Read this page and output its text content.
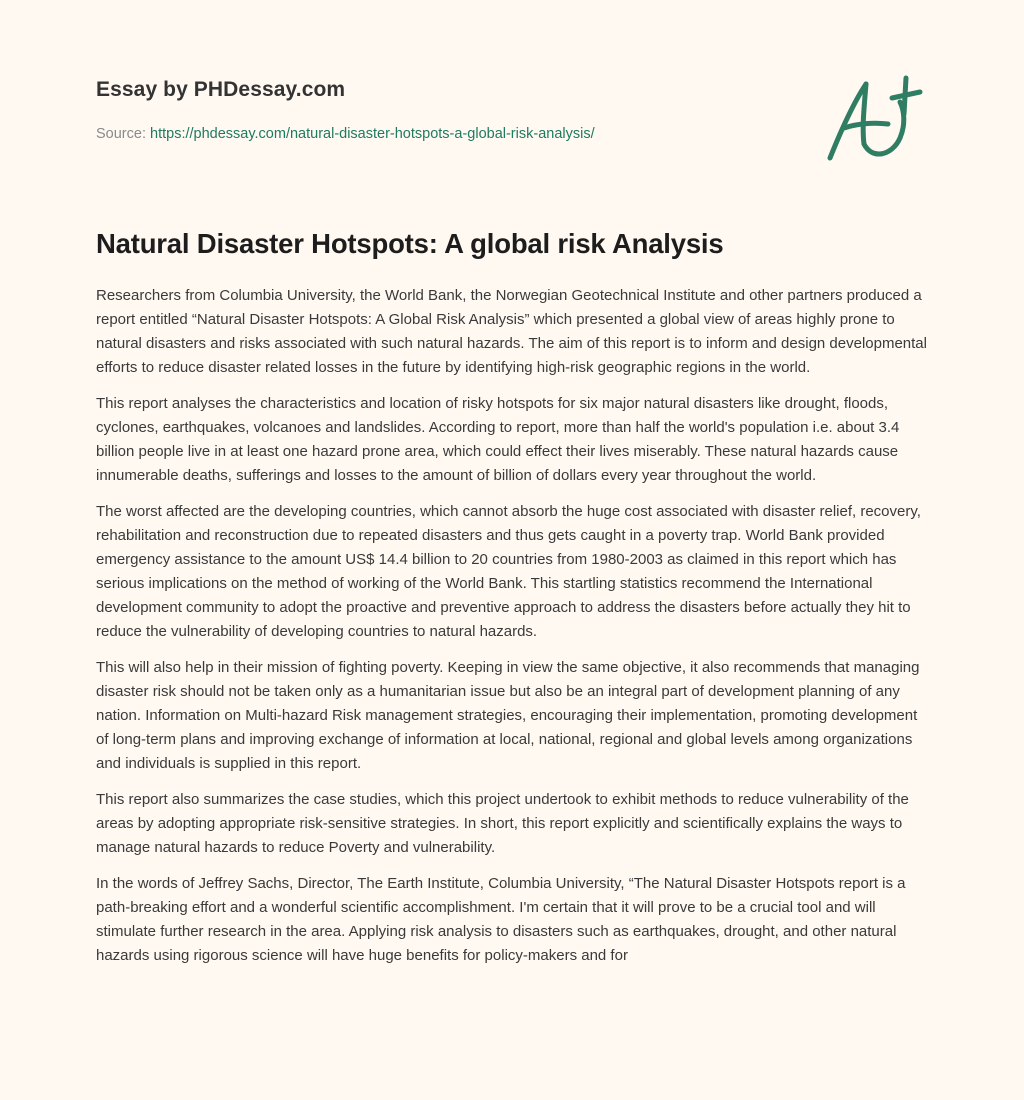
Essay by PHDessay.com
Source: https://phdessay.com/natural-disaster-hotspots-a-global-risk-analysis/
Natural Disaster Hotspots: A global risk Analysis

Researchers from Columbia University, the World Bank, the Norwegian Geotechnical Institute and other partners produced a report entitled “Natural Disaster Hotspots: A Global Risk Analysis” which presented a global view of areas highly prone to natural disasters and risks associated with such natural hazards. The aim of this report is to inform and design developmental efforts to reduce disaster related losses in the future by identifying high-risk geographic regions in the world.

This report analyses the characteristics and location of risky hotspots for six major natural disasters like drought, floods, cyclones, earthquakes, volcanoes and landslides. According to report, more than half the world's population i.e. about 3.4 billion people live in at least one hazard prone area, which could effect their lives miserably. These natural hazards cause innumerable deaths, sufferings and losses to the amount of billion of dollars every year throughout the world.

The worst affected are the developing countries, which cannot absorb the huge cost associated with disaster relief, recovery, rehabilitation and reconstruction due to repeated disasters and thus gets caught in a poverty trap. World Bank provided emergency assistance to the amount US$ 14.4 billion to 20 countries from 1980-2003 as claimed in this report which has serious implications on the method of working of the World Bank. This startling statistics recommend the International development community to adopt the proactive and preventive approach to address the disasters before actually they hit to reduce the vulnerability of developing countries to natural hazards.

This will also help in their mission of fighting poverty. Keeping in view the same objective, it also recommends that managing disaster risk should not be taken only as a humanitarian issue but also be an integral part of development planning of any nation. Information on Multi-hazard Risk management strategies, encouraging their implementation, promoting development of long-term plans and improving exchange of information at local, national, regional and global levels among organizations and individuals is supplied in this report.

This report also summarizes the case studies, which this project undertook to exhibit methods to reduce vulnerability of the areas by adopting appropriate risk-sensitive strategies. In short, this report explicitly and scientifically explains the ways to manage natural hazards to reduce Poverty and vulnerability.

In the words of Jeffrey Sachs, Director, The Earth Institute, Columbia University, “The Natural Disaster Hotspots report is a path-breaking effort and a wonderful scientific accomplishment. I'm certain that it will prove to be a crucial tool and will stimulate further research in the area. Applying risk analysis to disasters such as earthquakes, drought, and other natural hazards using rigorous science will have huge benefits for policy-makers and for
